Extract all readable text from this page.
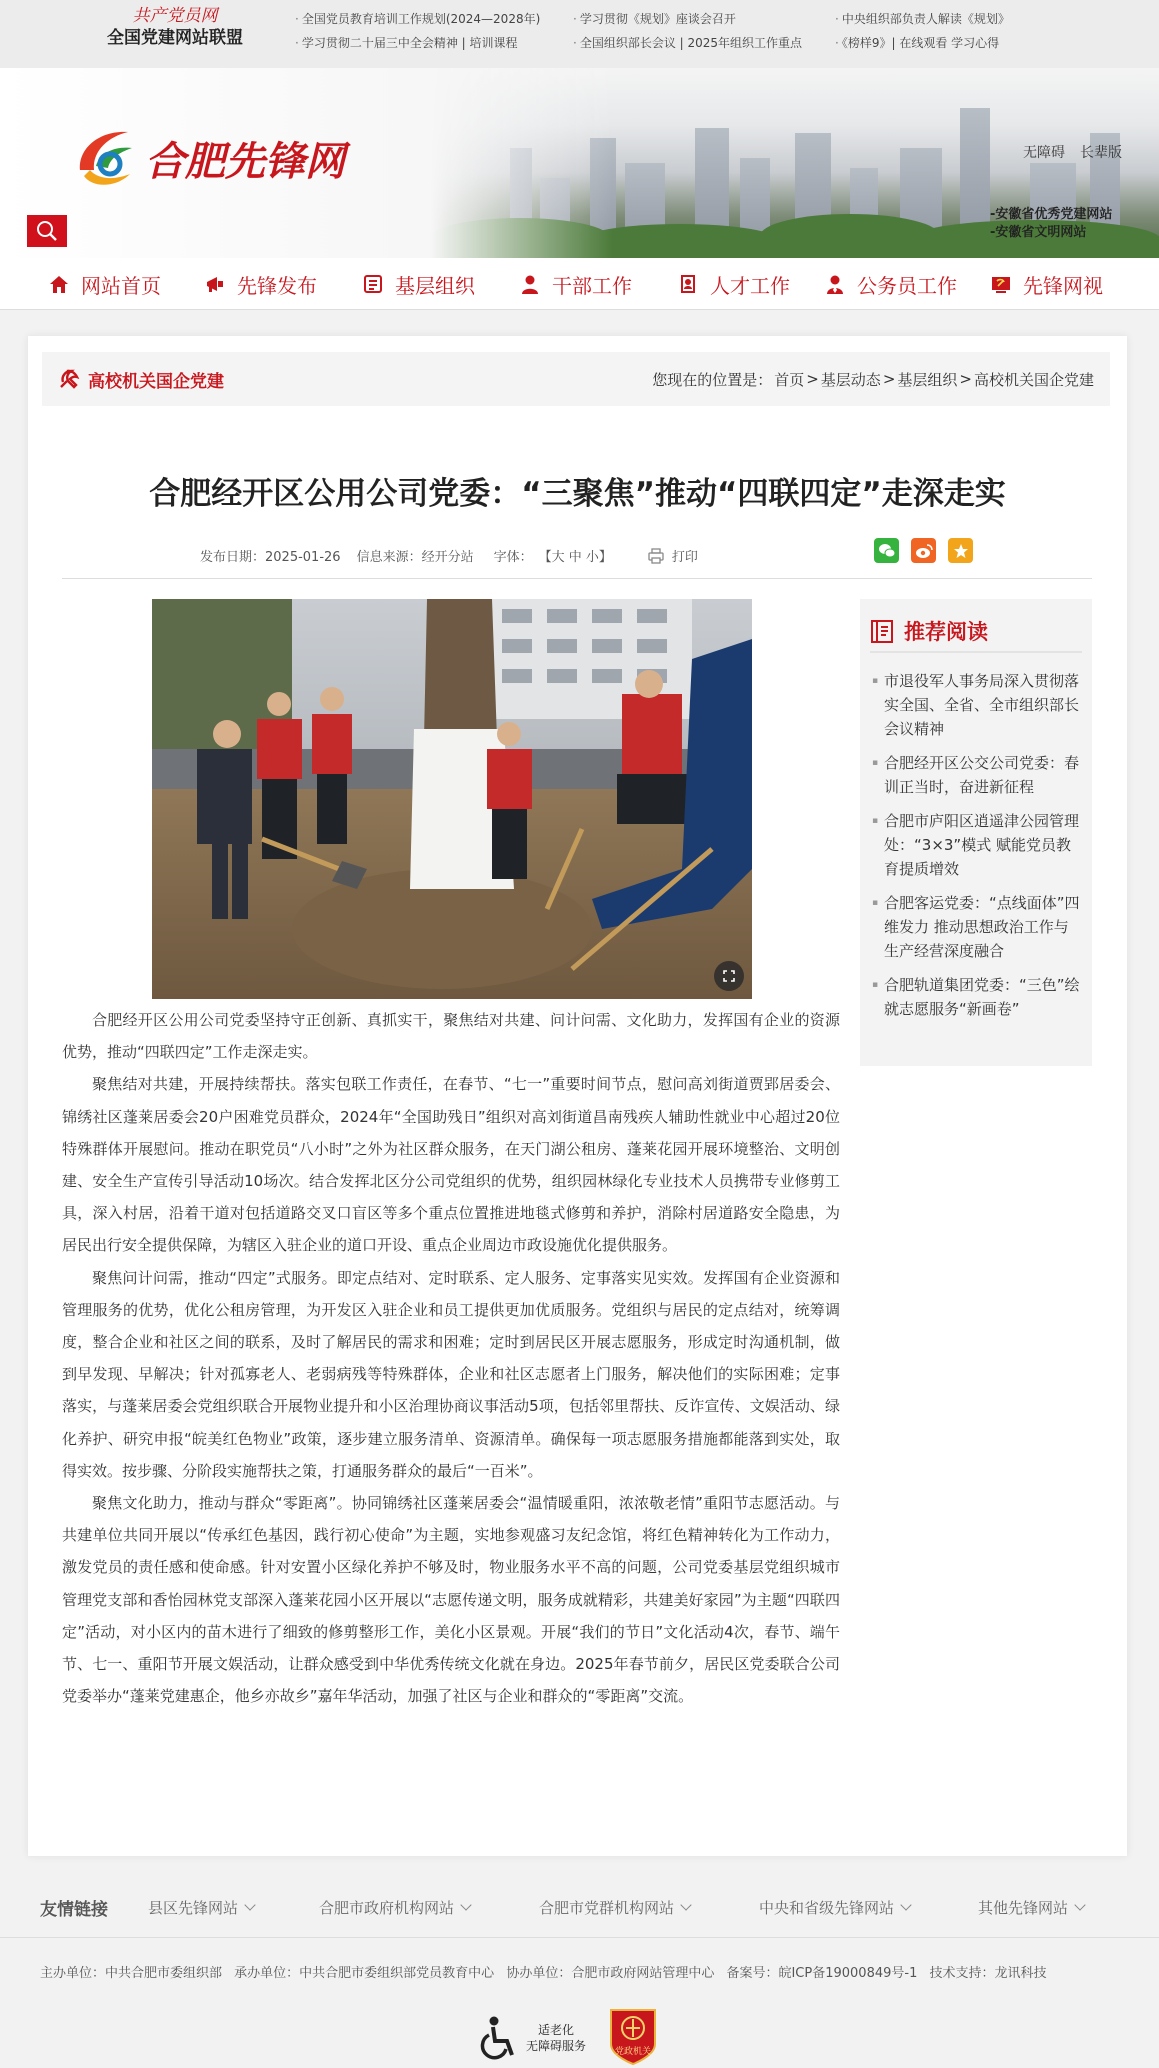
共产党员网
全国党建网站联盟
· 全国党员教育培训工作规划(2024—2028年)	· 学习贯彻《规划》座谈会召开	· 中央组织部负责人解读《规划》
· 学习贯彻二十届三中全会精神 | 培训课程	· 全国组织部长会议 | 2025年组织工作重点	· 《榜样9》| 在线观看 学习心得
无障碍 长辈版
合肥先锋网
-安徽省优秀党建网站
-安徽省文明网站
网站首页	先锋发布	基层组织	干部工作	人才工作	公务员工作	先锋网视
高校机关国企党建	您现在的位置是： 首页 > 基层动态 > 基层组织 > 高校机关国企党建
合肥经开区公用公司党委：“三聚焦”推动“四联四定”走深走实
发布日期：2025-01-26 信息来源：经开分站 字体： 【大 中 小】	打印

合肥经开区公用公司党委坚持守正创新、真抓实干，聚焦结对共建、问计问需、文化助力，发挥国有企业的资源优势，推动“四联四定”工作走深走实。

聚焦结对共建，开展持续帮扶。落实包联工作责任，在春节、“七一”重要时间节点，慰问高刘街道贾郢居委会、锦绣社区蓬莱居委会20户困难党员群众，2024年“全国助残日”组织对高刘街道昌南残疾人辅助性就业中心超过20位特殊群体开展慰问。推动在职党员“八小时”之外为社区群众服务，在天门湖公租房、蓬莱花园开展环境整治、文明创建、安全生产宣传引导活动10场次。结合发挥北区分公司党组织的优势，组织园林绿化专业技术人员携带专业修剪工具，深入村居，沿着干道对包括道路交叉口盲区等多个重点位置推进地毯式修剪和养护，消除村居道路安全隐患，为居民出行安全提供保障，为辖区入驻企业的道口开设、重点企业周边市政设施优化提供服务。

聚焦问计问需，推动“四定”式服务。即定点结对、定时联系、定人服务、定事落实见实效。发挥国有企业资源和管理服务的优势，优化公租房管理，为开发区入驻企业和员工提供更加优质服务。党组织与居民的定点结对，统筹调度，整合企业和社区之间的联系，及时了解居民的需求和困难；定时到居民区开展志愿服务，形成定时沟通机制，做到早发现、早解决；针对孤寡老人、老弱病残等特殊群体，企业和社区志愿者上门服务，解决他们的实际困难；定事落实，与蓬莱居委会党组织联合开展物业提升和小区治理协商议事活动5项，包括邻里帮扶、反诈宣传、文娱活动、绿化养护、研究申报“皖美红色物业”政策，逐步建立服务清单、资源清单。确保每一项志愿服务措施都能落到实处，取得实效。按步骤、分阶段实施帮扶之策，打通服务群众的最后“一百米”。

聚焦文化助力，推动与群众“零距离”。协同锦绣社区蓬莱居委会“温情暖重阳，浓浓敬老情”重阳节志愿活动。与共建单位共同开展以“传承红色基因，践行初心使命”为主题，实地参观盛习友纪念馆，将红色精神转化为工作动力，激发党员的责任感和使命感。针对安置小区绿化养护不够及时，物业服务水平不高的问题，公司党委基层党组织城市管理党支部和香怡园林党支部深入蓬莱花园小区开展以“志愿传递文明，服务成就精彩，共建美好家园”为主题“四联四定”活动，对小区内的苗木进行了细致的修剪整形工作，美化小区景观。开展“我们的节日”文化活动4次，春节、端午节、七一、重阳节开展文娱活动，让群众感受到中华优秀传统文化就在身边。2025年春节前夕，居民区党委联合公司党委举办“蓬莱党建惠企，他乡亦故乡”嘉年华活动，加强了社区与企业和群众的“零距离”交流。

推荐阅读
▪ 市退役军人事务局深入贯彻落实全国、全省、全市组织部长会议精神
▪ 合肥经开区公交公司党委：春训正当时，奋进新征程
▪ 合肥市庐阳区逍遥津公园管理处：“3×3”模式 赋能党员教育提质增效
▪ 合肥客运党委：“点线面体”四维发力 推动思想政治工作与生产经营深度融合
▪ 合肥轨道集团党委：“三色”绘就志愿服务“新画卷”
友情链接	县区先锋网站	合肥市政府机构网站	合肥市党群机构网站	中央和省级先锋网站	其他先锋网站
主办单位：中共合肥市委组织部 承办单位：中共合肥市委组织部党员教育中心 协办单位：合肥市政府网站管理中心 备案号：皖ICP备19000849号-1 技术支持：龙讯科技
适老化
无障碍服务	党政机关
